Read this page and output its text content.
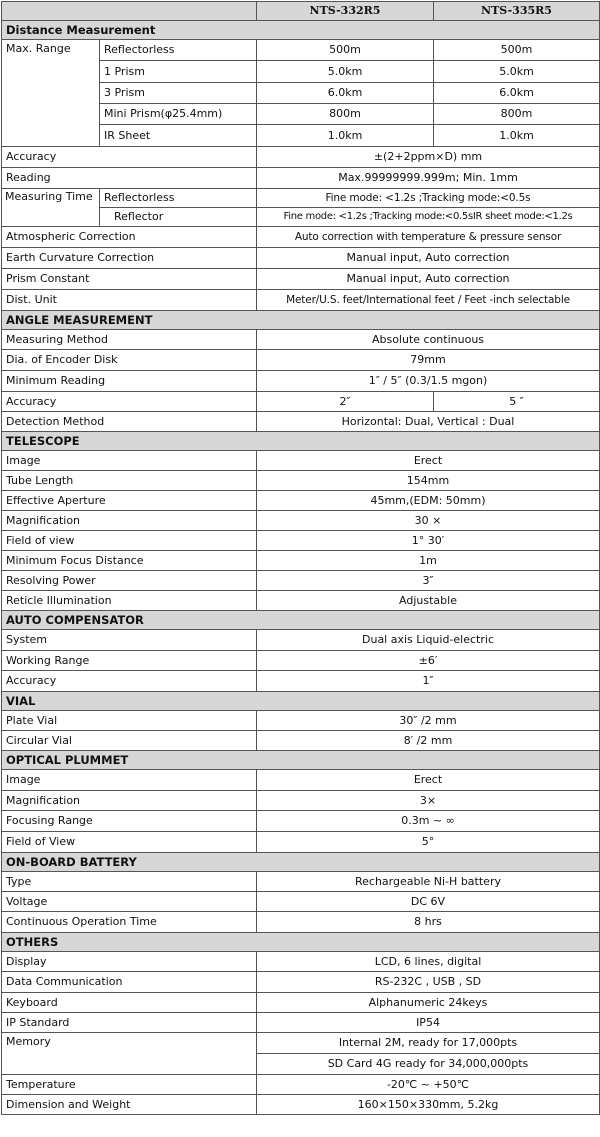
		NTS-332R5	NTS-335R5
Distance Measurement			
Max. Range	Reflectorless	500m	500m
	1 Prism	5.0km	5.0km
	3 Prism	6.0km	6.0km
	Mini Prism(φ25.4mm)	800m	800m
	IR Sheet	1.0km	1.0km
Accuracy		±(2+2ppm×D) mm	
Reading		Max.99999999.999m; Min. 1mm	
Measuring Time	Reflectorless	Fine mode: <1.2s ;Tracking mode:<0.5s	
	Reflector	Fine mode: <1.2s ;Tracking mode:<0.5sIR sheet mode:<1.2s	
Atmospheric Correction		Auto correction with temperature & pressure sensor	
Earth Curvature Correction		Manual input, Auto correction	
Prism Constant		Manual input, Auto correction	
Dist. Unit		Meter/U.S. feet/International feet / Feet -inch selectable	
ANGLE MEASUREMENT			
Measuring Method		Absolute continuous	
Dia. of Encoder Disk		79mm	
Minimum Reading		1″ / 5″ (0.3/1.5 mgon)	
Accuracy		2″	5 ″
Detection Method		Horizontal: Dual, Vertical : Dual	
TELESCOPE			
Image		Erect	
Tube Length		154mm	
Effective Aperture		45mm,(EDM: 50mm)	
Magnification		30 ×	
Field of view		1° 30′	
Minimum Focus Distance		1m	
Resolving Power		3″	
Reticle Illumination		Adjustable	
AUTO COMPENSATOR			
System		Dual axis Liquid-electric	
Working Range		±6′	
Accuracy		1″	
VIAL			
Plate Vial		30″ /2 mm	
Circular Vial		8′ /2 mm	
OPTICAL PLUMMET			
Image		Erect	
Magnification		3×	
Focusing Range		0.3m ~ ∞	
Field of View		5°	
ON-BOARD BATTERY			
Type		Rechargeable Ni-H battery	
Voltage		DC 6V	
Continuous Operation Time		8 hrs	
OTHERS			
Display		LCD, 6 lines, digital	
Data Communication		RS-232C , USB , SD	
Keyboard		Alphanumeric 24keys	
IP Standard		IP54	
Memory		Internal 2M, ready for 17,000pts	
		SD Card 4G ready for 34,000,000pts	
Temperature		-20℃ ~ +50℃	
Dimension and Weight		160×150×330mm, 5.2kg	
